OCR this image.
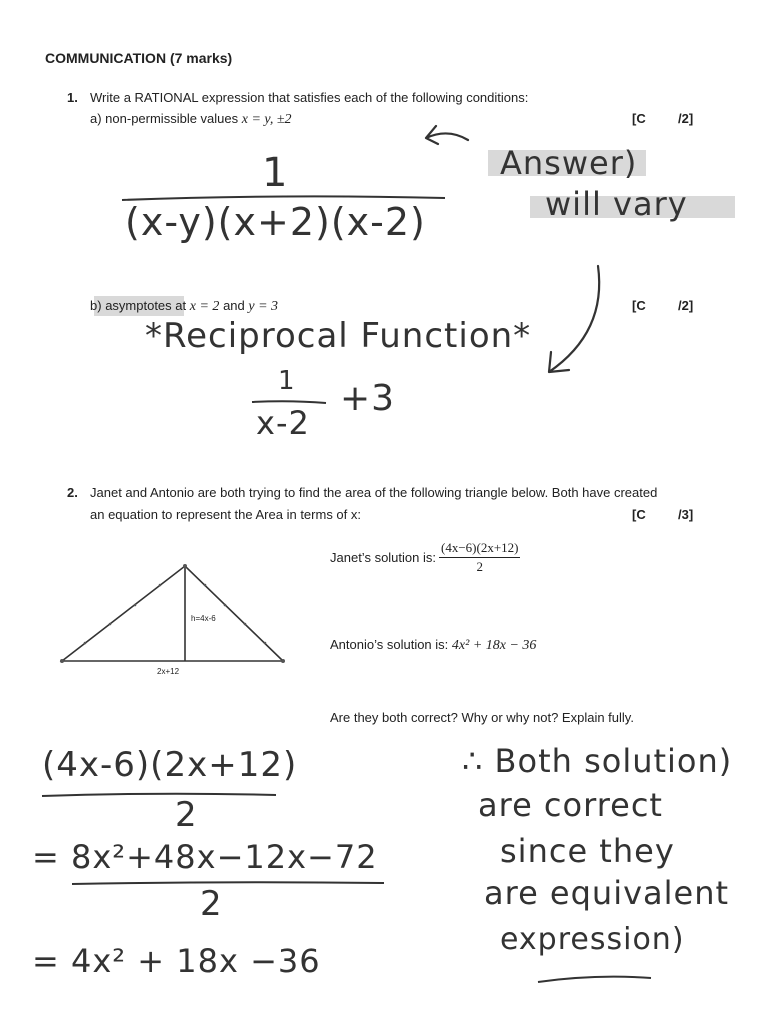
COMMUNICATION (7 marks)
1. Write a RATIONAL expression that satisfies each of the following conditions:
a) non-permissible values x = y, ±2	[C /2]
1
(x-y)(x+2)(x-2)
Answer)
will vary
b) asymptotes at x = 2 and y = 3	[C /2]
*Reciprocal Function*
1
x-2
+3
2. Janet and Antonio are both trying to find the area of the following triangle below. Both have created
an equation to represent the Area in terms of x:	[C /3]
h=4x-6
2x+12
Janet’s solution is: $\frac{(4x-6)(2x+12)}{2}$
Antonio’s solution is: 4x² + 18x − 36
Are they both correct? Why or why not? Explain fully.
(4x-6)(2x+12)
2
= 8x²+48x−12x−72
2
= 4x² + 18x −36
∴ Both solution)
are correct
since they
are equivalent
expression)
